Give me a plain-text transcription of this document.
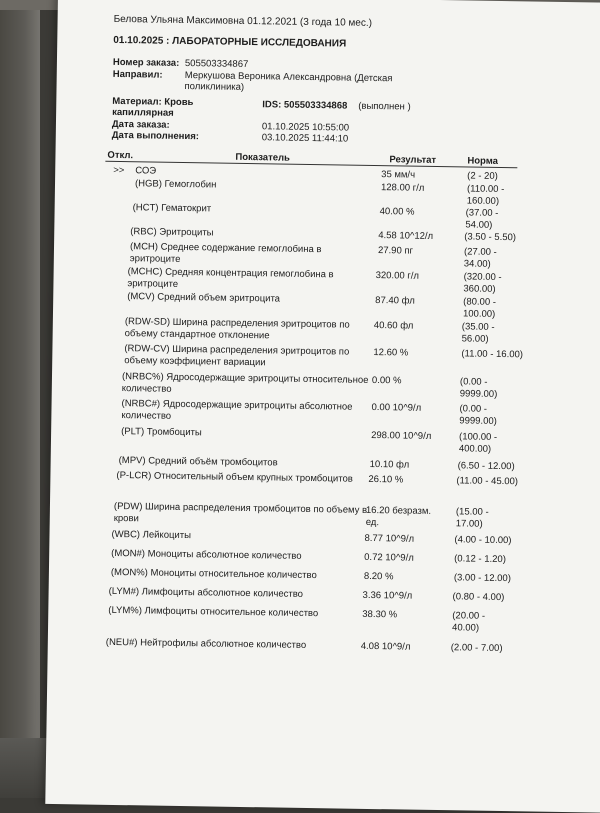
Белова Ульяна Максимовна 01.12.2021 (3 года 10 мес.)
01.10.2025 : ЛАБОРАТОРНЫЕ ИССЛЕДОВАНИЯ
Номер заказа: 505503334867
Направил: Меркушова Вероника Александровна (Детская поликлиника)
Материал: Кровь капиллярная
IDS: 505503334868 (выполнен )
Дата заказа:	01.10.2025 10:55:00
Дата выполнения:	03.10.2025 11:44:10
Откл.	Показатель	Результат	Норма
>> СОЭ	35 мм/ч	(2 - 20)
(HGB) Гемоглобин	128.00 г/л	(110.00 - 160.00)
(HCT) Гематокрит	40.00 %	(37.00 - 54.00)
(RBC) Эритроциты	4.58 10^12/л	(3.50 - 5.50)
(MCH) Среднее содержание гемоглобина в эритроците
27.90 пг	(27.00 - 34.00)
(MCHC) Средняя концентрация гемоглобина в эритроците
320.00 г/л	(320.00 - 360.00)
(MCV) Средний объем эритроцита	87.40 фл	(80.00 - 100.00)
(RDW-SD) Ширина распределения эритроцитов по объему стандартное отклонение
40.60 фл	(35.00 - 56.00)
(RDW-CV) Ширина распределения эритроцитов по объему коэффициент вариации
12.60 %	(11.00 - 16.00)
(NRBC%) Ядросодержащие эритроциты относительное количество
0.00 %	(0.00 - 9999.00)
(NRBC#) Ядросодержащие эритроциты абсолютное количество
0.00 10^9/л	(0.00 - 9999.00)
(PLT) Тромбоциты	298.00 10^9/л	(100.00 - 400.00)
(MPV) Средний объём тромбоцитов	10.10 фл	(6.50 - 12.00)
(P-LCR) Относительный объем крупных тромбоцитов	26.10 %	(11.00 - 45.00)
(PDW) Ширина распределения тромбоцитов по объему в крови
16.20 безразм. ед.
(15.00 - 17.00)
(WBC) Лейкоциты	8.77 10^9/л	(4.00 - 10.00)
(MON#) Моноциты абсолютное количество	0.72 10^9/л	(0.12 - 1.20)
(MON%) Моноциты относительное количество	8.20 %	(3.00 - 12.00)
(LYM#) Лимфоциты абсолютное количество	3.36 10^9/л	(0.80 - 4.00)
(LYM%) Лимфоциты относительное количество	38.30 %	(20.00 - 40.00)
(NEU#) Нейтрофилы абсолютное количество	4.08 10^9/л	(2.00 - 7.00)
